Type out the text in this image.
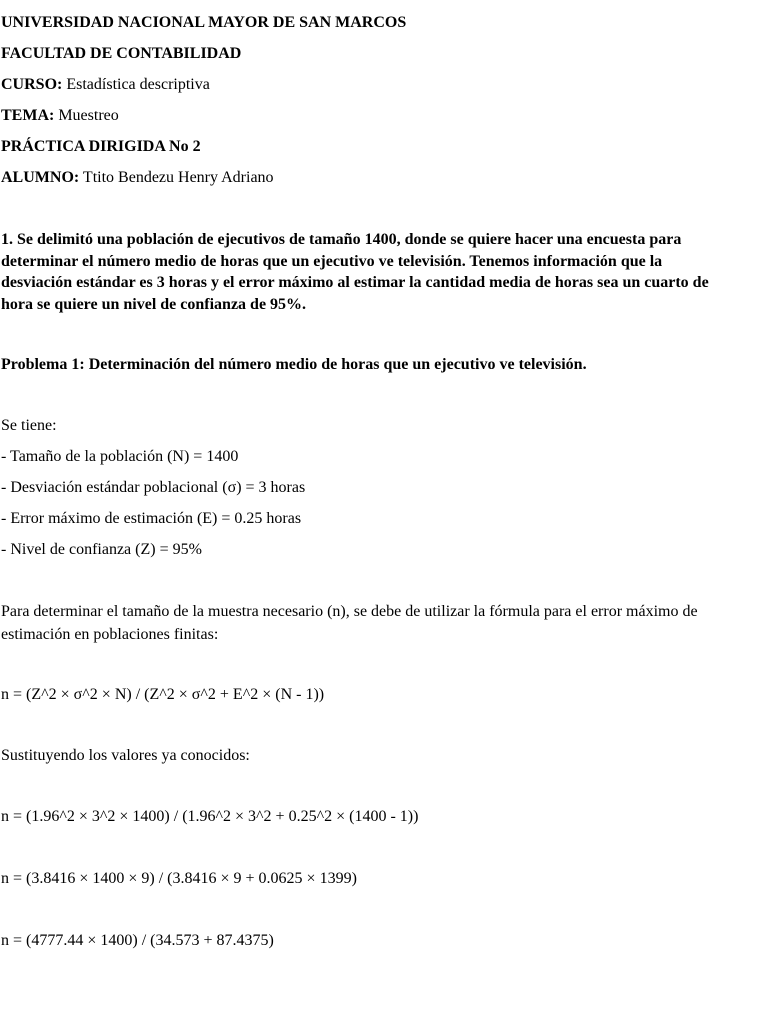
UNIVERSIDAD NACIONAL MAYOR DE SAN MARCOS
FACULTAD DE CONTABILIDAD
CURSO: Estadística descriptiva
TEMA: Muestreo
PRÁCTICA DIRIGIDA No 2
ALUMNO: Ttito Bendezu Henry Adriano
1. Se delimitó una población de ejecutivos de tamaño 1400, donde se quiere hacer una encuesta para determinar el número medio de horas que un ejecutivo ve televisión. Tenemos información que la desviación estándar es 3 horas y el error máximo al estimar la cantidad media de horas sea un cuarto de hora se quiere un nivel de confianza de 95%.
Problema 1: Determinación del número medio de horas que un ejecutivo ve televisión.
Se tiene:
- Tamaño de la población (N) = 1400
- Desviación estándar poblacional (σ) = 3 horas
- Error máximo de estimación (E) = 0.25 horas
- Nivel de confianza (Z) = 95%
Para determinar el tamaño de la muestra necesario (n), se debe de utilizar la fórmula para el error máximo de estimación en poblaciones finitas:
n = (Z^2 × σ^2 × N) / (Z^2 × σ^2 + E^2 × (N - 1))
Sustituyendo los valores ya conocidos:
n = (1.96^2 × 3^2 × 1400) / (1.96^2 × 3^2 + 0.25^2 × (1400 - 1))
n = (3.8416 × 1400 × 9) / (3.8416 × 9 + 0.0625 × 1399)
n = (4777.44 × 1400) / (34.573 + 87.4375)
